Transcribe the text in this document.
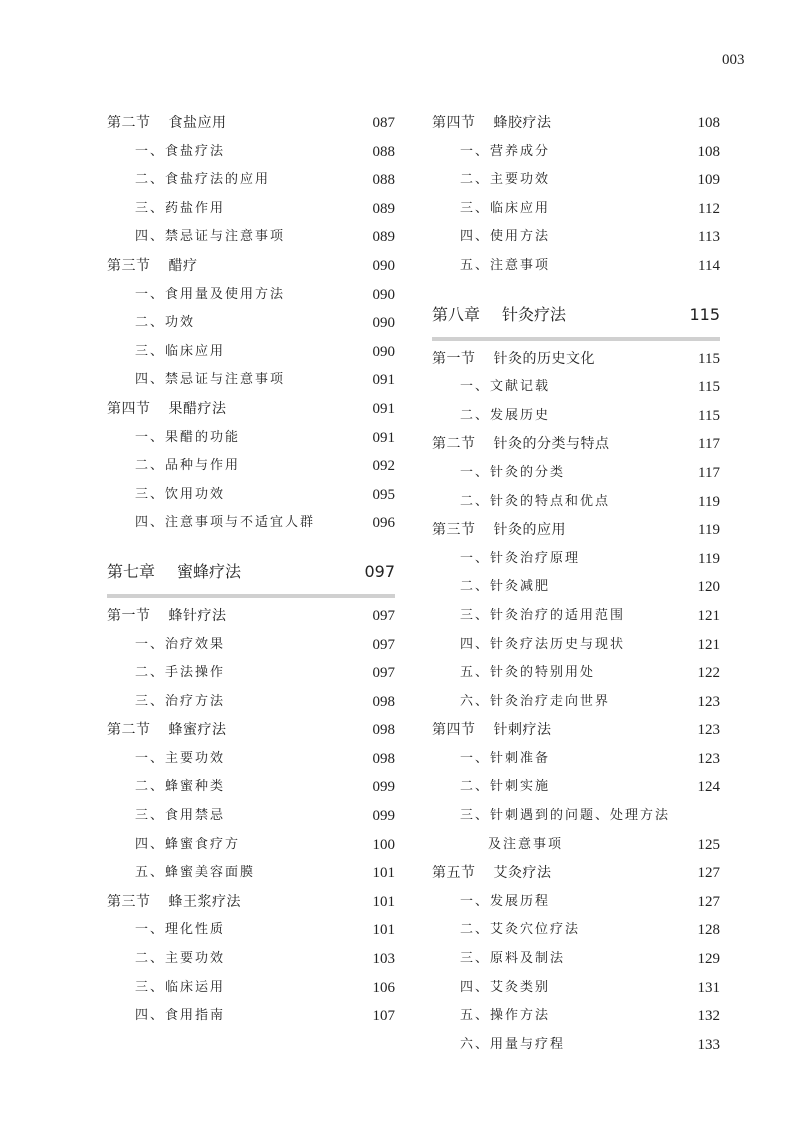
003
第二节 食盐应用	087
一、食盐疗法	088
二、食盐疗法的应用	088
三、药盐作用	089
四、禁忌证与注意事项	089
第三节 醋疗	090
一、食用量及使用方法	090
二、功效	090
三、临床应用	090
四、禁忌证与注意事项	091
第四节 果醋疗法	091
一、果醋的功能	091
二、品种与作用	092
三、饮用功效	095
四、注意事项与不适宜人群	096
第七章 蜜蜂疗法	097
第一节 蜂针疗法	097
一、治疗效果	097
二、手法操作	097
三、治疗方法	098
第二节 蜂蜜疗法	098
一、主要功效	098
二、蜂蜜种类	099
三、食用禁忌	099
四、蜂蜜食疗方	100
五、蜂蜜美容面膜	101
第三节 蜂王浆疗法	101
一、理化性质	101
二、主要功效	103
三、临床运用	106
四、食用指南	107
第四节 蜂胶疗法	108
一、营养成分	108
二、主要功效	109
三、临床应用	112
四、使用方法	113
五、注意事项	114
第八章 针灸疗法	115
第一节 针灸的历史文化	115
一、文献记载	115
二、发展历史	115
第二节 针灸的分类与特点	117
一、针灸的分类	117
二、针灸的特点和优点	119
第三节 针灸的应用	119
一、针灸治疗原理	119
二、针灸减肥	120
三、针灸治疗的适用范围	121
四、针灸疗法历史与现状	121
五、针灸的特别用处	122
六、针灸治疗走向世界	123
第四节 针刺疗法	123
一、针刺准备	123
二、针刺实施	124
三、针刺遇到的问题、处理方法
及注意事项	125
第五节 艾灸疗法	127
一、发展历程	127
二、艾灸穴位疗法	128
三、原料及制法	129
四、艾灸类别	131
五、操作方法	132
六、用量与疗程	133
